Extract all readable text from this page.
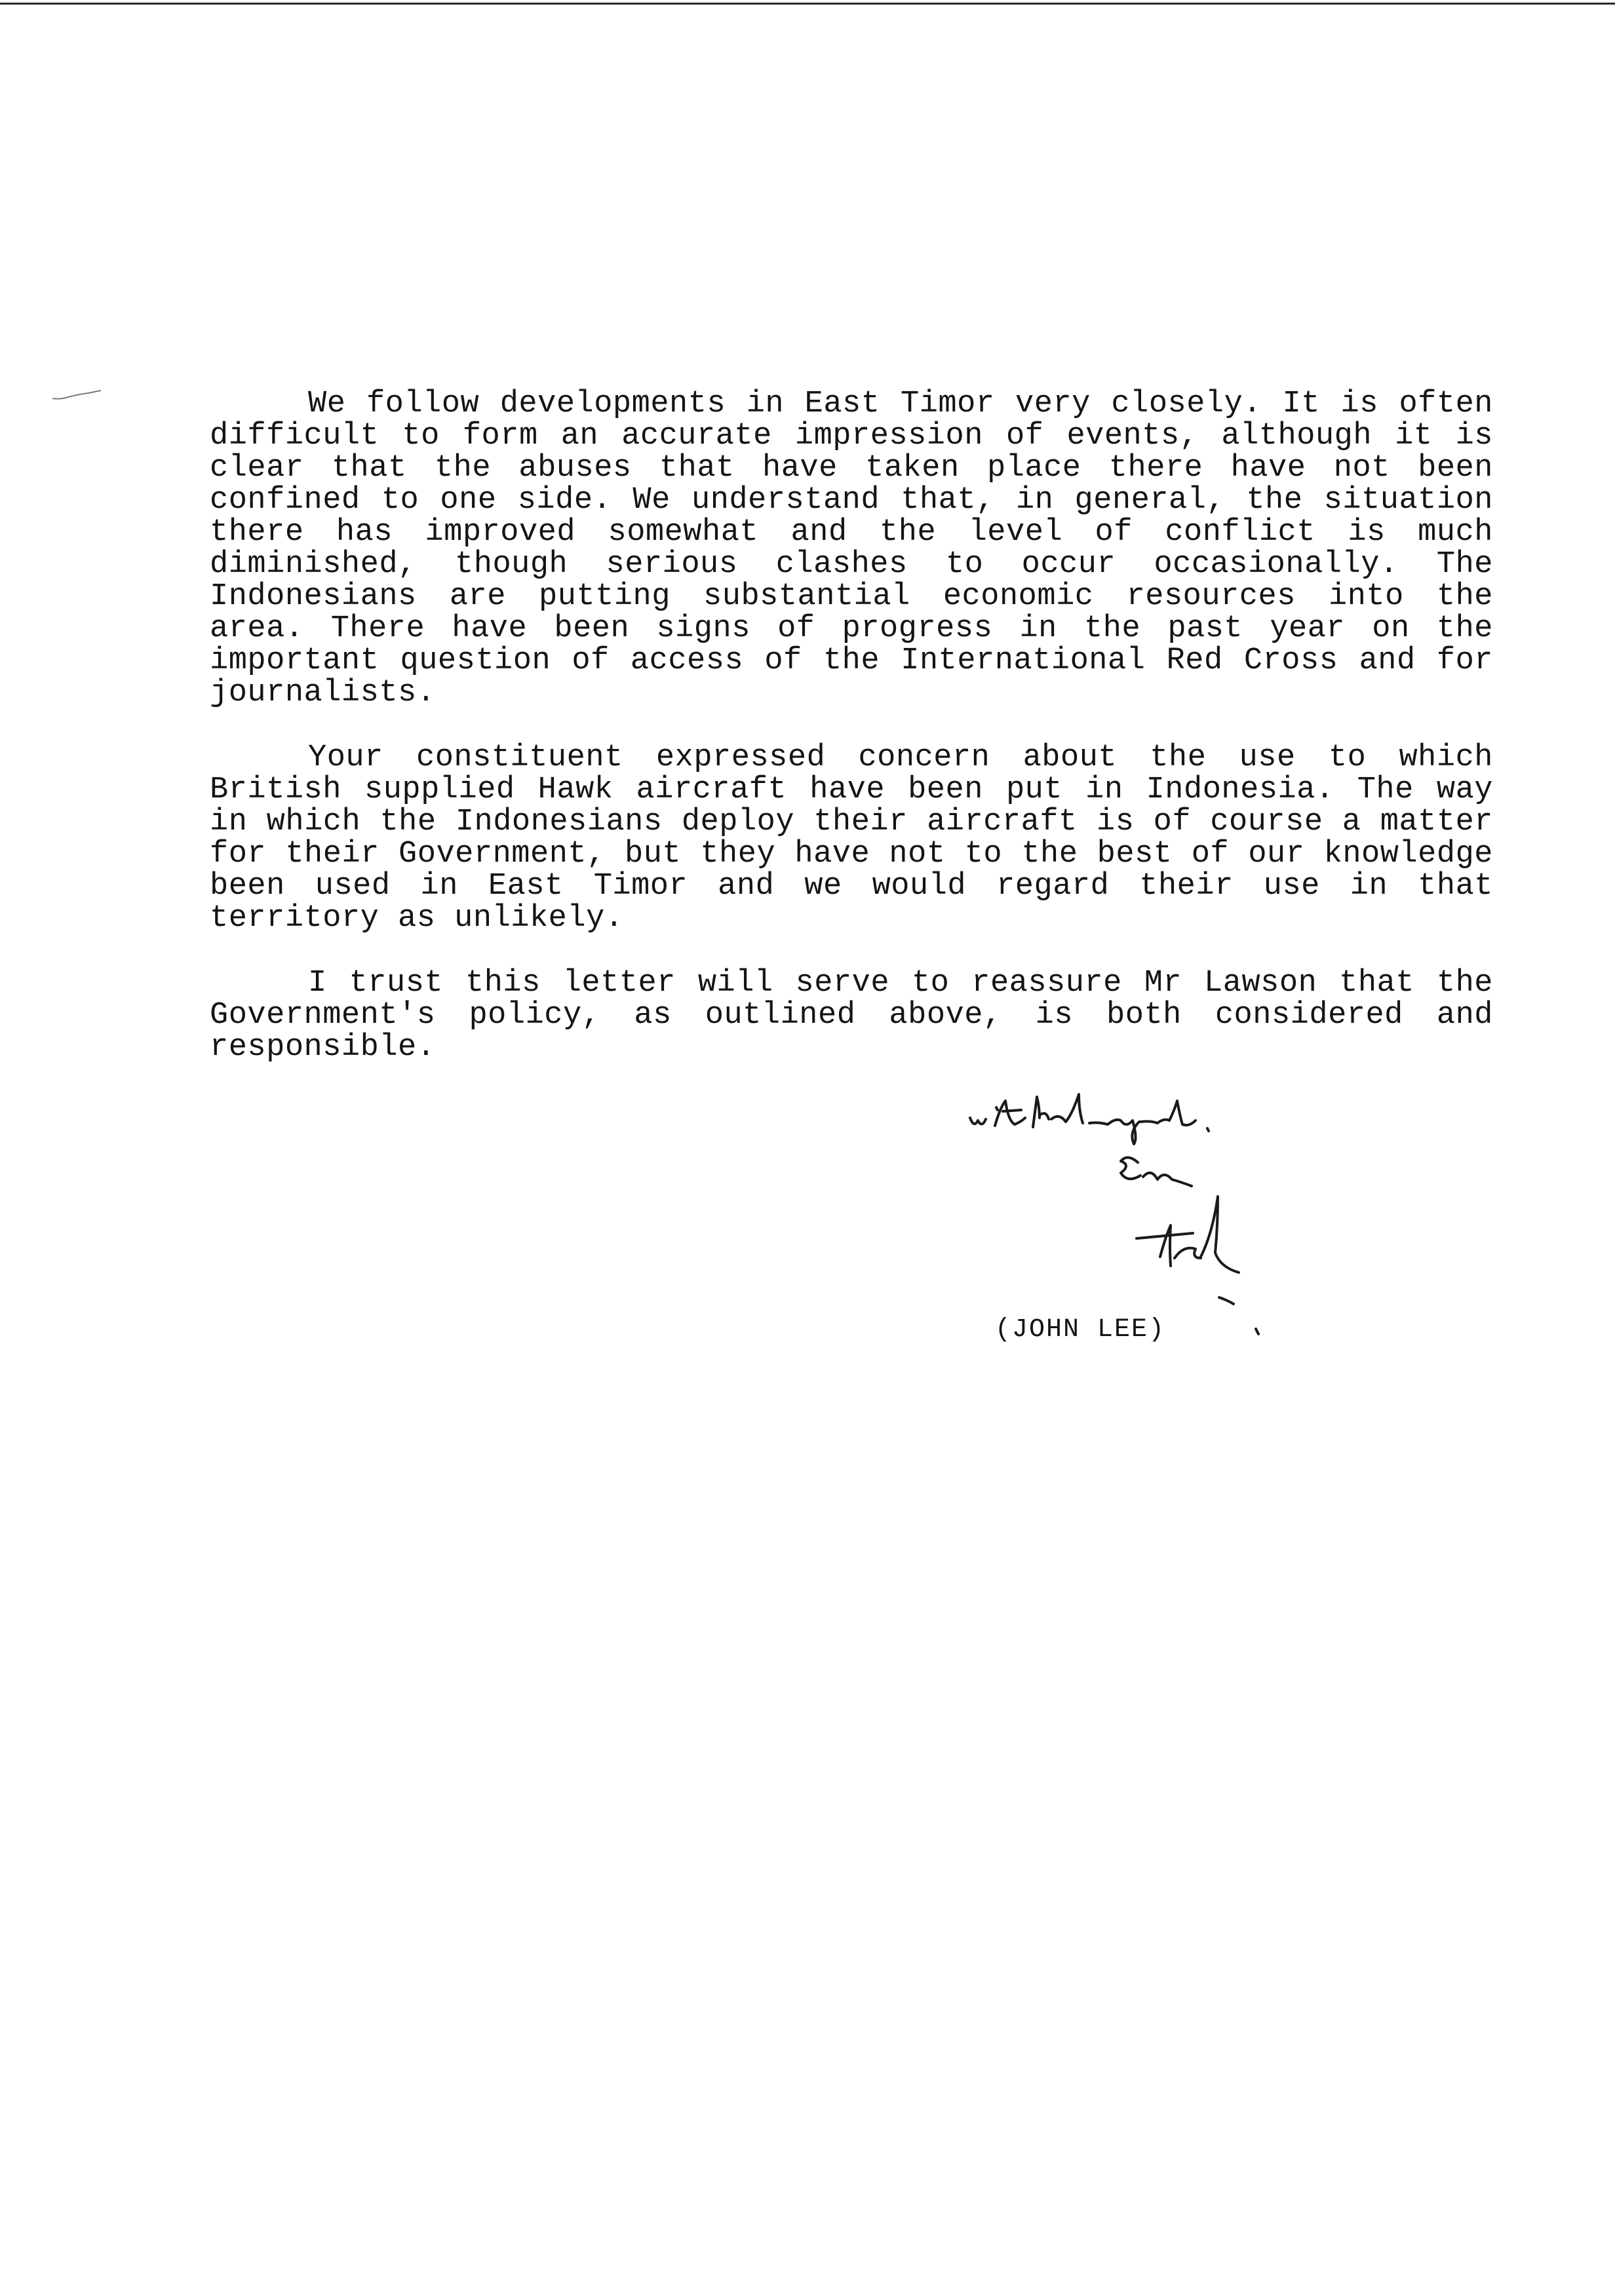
We follow developments in East Timor very closely. It is often difficult to form an accurate impression of events, although it is clear that the abuses that have taken place there have not been confined to one side. We understand that, in general, the situation there has improved somewhat and the level of conflict is much diminished, though serious clashes to occur occasionally. The Indonesians are putting substantial economic resources into the area. There have been signs of progress in the past year on the important question of access of the International Red Cross and for journalists.

Your constituent expressed concern about the use to which British supplied Hawk aircraft have been put in Indonesia. The way in which the Indonesians deploy their aircraft is of course a matter for their Government, but they have not to the best of our knowledge been used in East Timor and we would regard their use in that territory as unlikely.

I trust this letter will serve to reassure Mr Lawson that the Government's policy, as outlined above, is both considered and responsible.

(JOHN LEE)
